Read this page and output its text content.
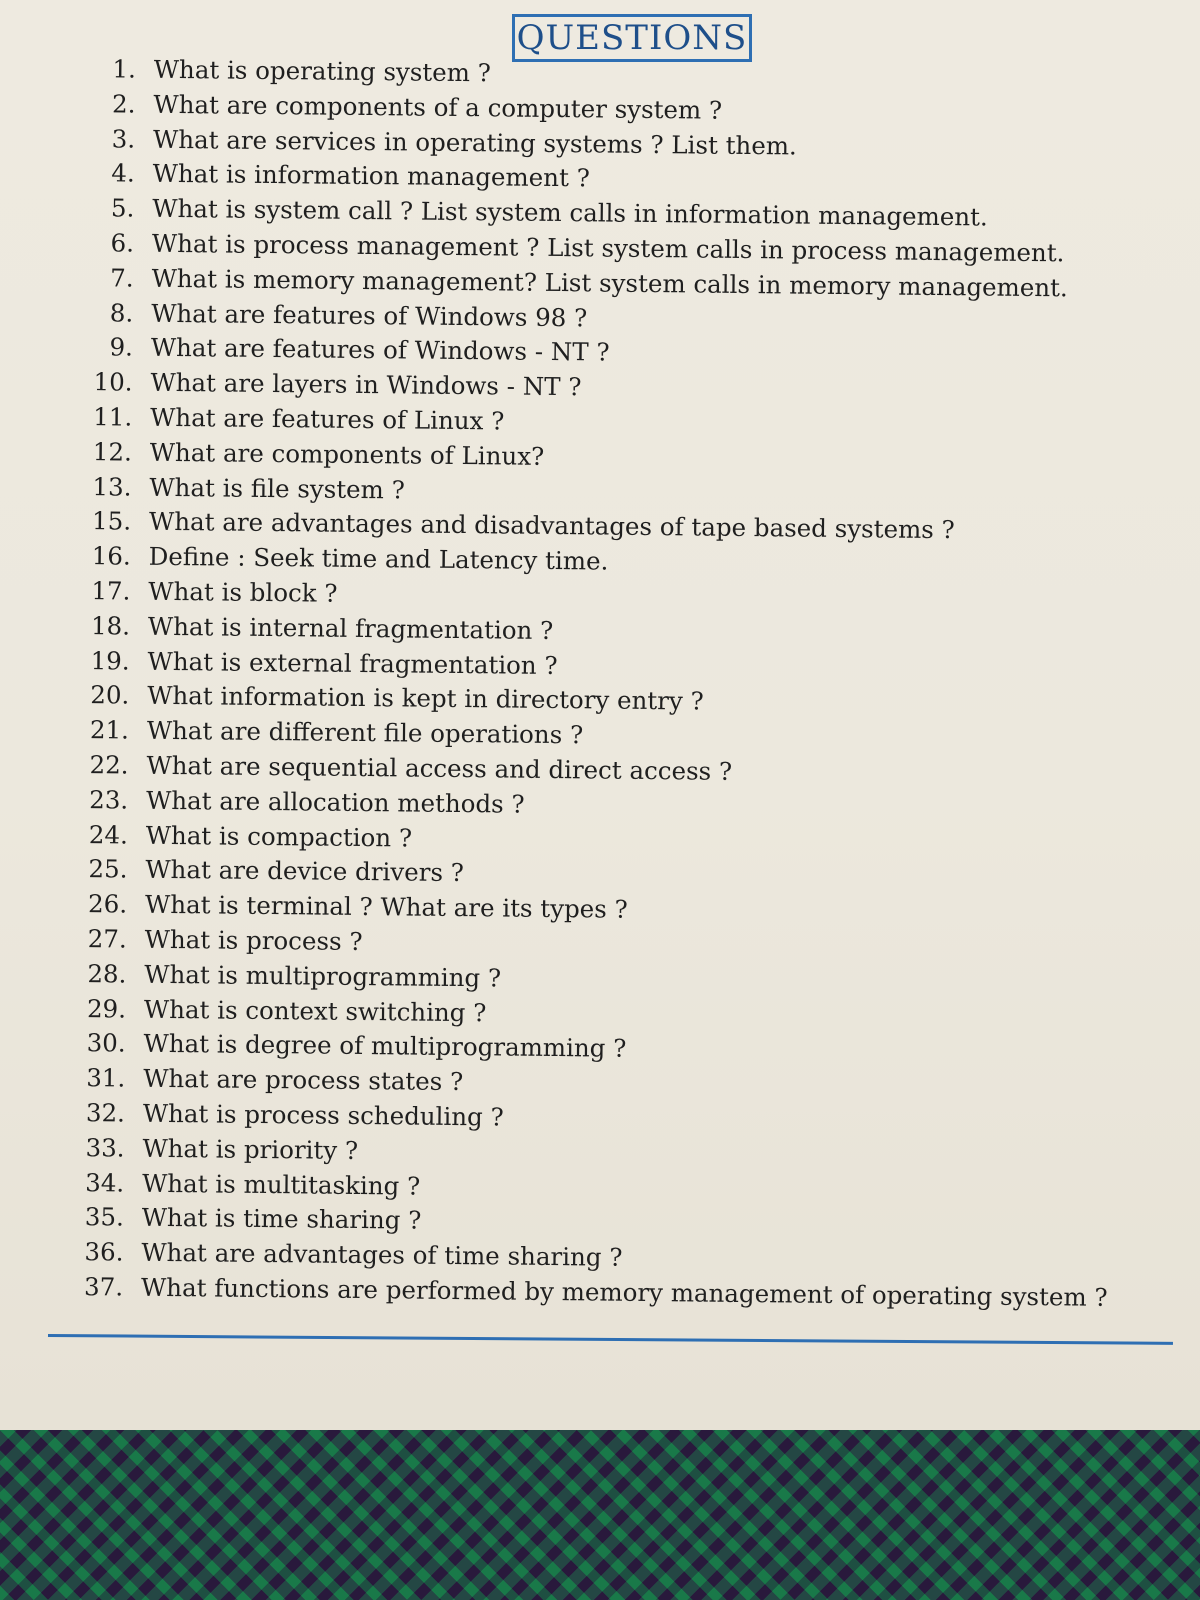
QUESTIONS
1. What is operating system ?
2. What are components of a computer system ?
3. What are services in operating systems ? List them.
4. What is information management ?
5. What is system call ? List system calls in information management.
6. What is process management ? List system calls in process management.
7. What is memory management? List system calls in memory management.
8. What are features of Windows 98 ?
9. What are features of Windows - NT ?
10. What are layers in Windows - NT ?
11. What are features of Linux ?
12. What are components of Linux?
13. What is file system ?
15. What are advantages and disadvantages of tape based systems ?
16. Define : Seek time and Latency time.
17. What is block ?
18. What is internal fragmentation ?
19. What is external fragmentation ?
20. What information is kept in directory entry ?
21. What are different file operations ?
22. What are sequential access and direct access ?
23. What are allocation methods ?
24. What is compaction ?
25. What are device drivers ?
26. What is terminal ? What are its types ?
27. What is process ?
28. What is multiprogramming ?
29. What is context switching ?
30. What is degree of multiprogramming ?
31. What are process states ?
32. What is process scheduling ?
33. What is priority ?
34. What is multitasking ?
35. What is time sharing ?
36. What are advantages of time sharing ?
37. What functions are performed by memory management of operating system ?
